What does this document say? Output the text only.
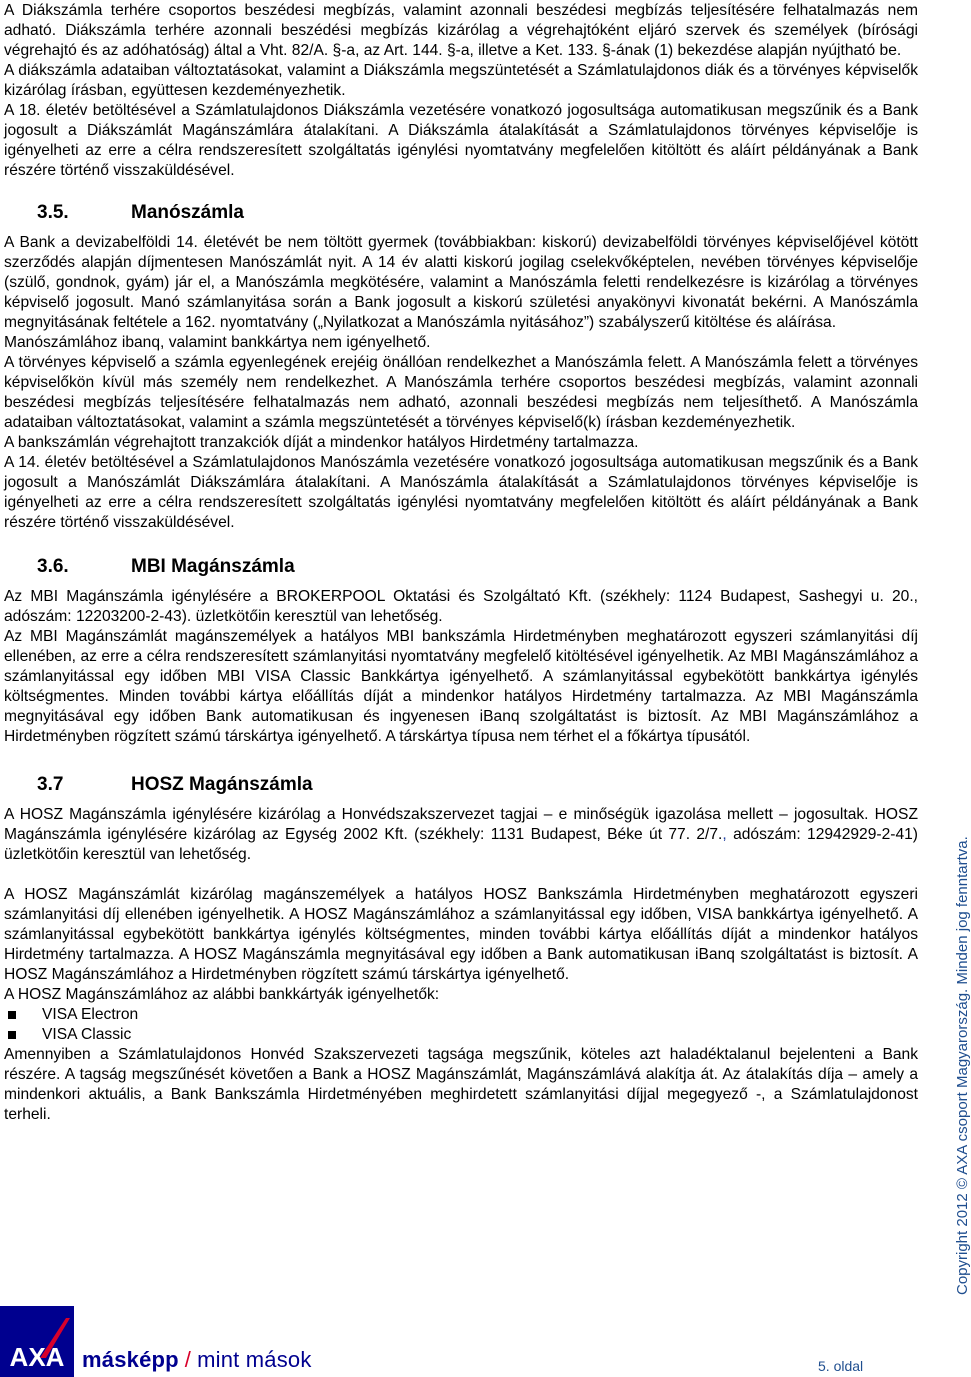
A Diákszámla terhére csoportos beszédesi megbízás, valamint azonnali beszédesi megbízás teljesítésére felhatalmazás nem adható. Diákszámla terhére azonnali beszédési megbízás kizárólag a végrehajtóként eljáró szervek és személyek (bírósági végrehajtó és az adóhatóság) által a Vht. 82/A. §-a, az Art. 144. §-a, illetve a Ket. 133. §-ának (1) bekezdése alapján nyújtható be.

A diákszámla adataiban változtatásokat, valamint a Diákszámla megszüntetését a Számlatulajdonos diák és a törvényes képviselők kizárólag írásban, együttesen kezdeményezhetik.

A 18. életév betöltésével a Számlatulajdonos Diákszámla vezetésére vonatkozó jogosultsága automatikusan megszűnik és a Bank jogosult a Diákszámlát Magánszámlára átalakítani. A Diákszámla átalakítását a Számlatulajdonos törvényes képviselője is igényelheti az erre a célra rendszeresített szolgáltatás igénylési nyomtatvány megfelelően kitöltött és aláírt példányának a Bank részére történő visszaküldésével.

3.5.	Manószámla

A Bank a devizabelföldi 14. életévét be nem töltött gyermek (továbbiakban: kiskorú) devizabelföldi törvényes képviselőjével kötött szerződés alapján díjmentesen Manószámlát nyit. A 14 év alatti kiskorú jogilag cselekvőképtelen, nevében törvényes képviselője (szülő, gondnok, gyám) jár el, a Manószámla megkötésére, valamint a Manószámla feletti rendelkezésre is kizárólag a törvényes képviselő jogosult. Manó számlanyitása során a Bank jogosult a kiskorú születési anyakönyvi kivonatát bekérni. A Manószámla megnyitásának feltétele a 162. nyomtatvány („Nyilatkozat a Manószámla nyitásához”) szabályszerű kitöltése és aláírása.

Manószámlához ibanq, valamint bankkártya nem igényelhető.

A törvényes képviselő a számla egyenlegének erejéig önállóan rendelkezhet a Manószámla felett. A Manószámla felett a törvényes képviselőkön kívül más személy nem rendelkezhet. A Manószámla terhére csoportos beszédesi megbízás, valamint azonnali beszédesi megbízás teljesítésére felhatalmazás nem adható, azonnali beszédesi megbízás nem teljesíthető. A Manószámla adataiban változtatásokat, valamint a számla megszüntetését a törvényes képviselő(k) írásban kezdeményezhetik.

A bankszámlán végrehajtott tranzakciók díját a mindenkor hatályos Hirdetmény tartalmazza.

A 14. életév betöltésével a Számlatulajdonos Manószámla vezetésére vonatkozó jogosultsága automatikusan megszűnik és a Bank jogosult a Manószámlát Diákszámlára átalakítani. A Manószámla átalakítását a Számlatulajdonos törvényes képviselője is igényelheti az erre a célra rendszeresített szolgáltatás igénylési nyomtatvány megfelelően kitöltött és aláírt példányának a Bank részére történő visszaküldésével.

3.6.	MBI Magánszámla

Az MBI Magánszámla igénylésére a BROKERPOOL Oktatási és Szolgáltató Kft. (székhely: 1124 Budapest, Sashegyi u. 20., adószám: 12203200-2-43). üzletkötőin keresztül van lehetőség.

Az MBI Magánszámlát magánszemélyek a hatályos MBI bankszámla Hirdetményben meghatározott egyszeri számlanyitási díj ellenében, az erre a célra rendszeresített számlanyitási nyomtatvány megfelelő kitöltésével igényelhetik. Az MBI Magánszámlához a számlanyitással egy időben MBI VISA Classic Bankkártya igényelhető. A számlanyitással egybekötött bankkártya igénylés költségmentes. Minden további kártya előállítás díját a mindenkor hatályos Hirdetmény tartalmazza. Az MBI Magánszámla megnyitásával egy időben Bank automatikusan és ingyenesen iBanq szolgáltatást is biztosít. Az MBI Magánszámlához a Hirdetményben rögzített számú társkártya igényelhető. A társkártya típusa nem térhet el a főkártya típusától.

3.7	HOSZ Magánszámla

A HOSZ Magánszámla igénylésére kizárólag a Honvédszakszervezet tagjai – e minőségük igazolása mellett – jogosultak. HOSZ Magánszámla igénylésére kizárólag az Egység 2002 Kft. (székhely: 1131 Budapest, Béke út 77. 2/7., adószám: 12942929-2-41) üzletkötőin keresztül van lehetőség.

A HOSZ Magánszámlát kizárólag magánszemélyek a hatályos HOSZ Bankszámla Hirdetményben meghatározott egyszeri számlanyitási díj ellenében igényelhetik. A HOSZ Magánszámlához a számlanyitással egy időben, VISA bankkártya igényelhető. A számlanyitással egybekötött bankkártya igénylés költségmentes, minden további kártya előállítás díját a mindenkor hatályos Hirdetmény tartalmazza. A HOSZ Magánszámla megnyitásával egy időben a Bank automatikusan iBanq szolgáltatást is biztosít. A HOSZ Magánszámlához a Hirdetményben rögzített számú társkártya igényelhető.

A HOSZ Magánszámlához az alábbi bankkártyák igényelhetők:

VISA Electron
VISA Classic

Amennyiben a Számlatulajdonos Honvéd Szakszervezeti tagsága megszűnik, köteles azt haladéktalanul bejelenteni a Bank részére. A tagság megszűnését követően a Bank a HOSZ Magánszámlát, Magánszámlává alakítja át. Az átalakítás díja – amely a mindenkori aktuális, a Bank Bankszámla Hirdetményében meghirdetett számlanyitási díjjal megegyező -, a Számlatulajdonost terheli.	Copyright 2012 © AXA csoport Magyarország. Minden jog fenntartva.
AXA másképp / mint mások	5. oldal
